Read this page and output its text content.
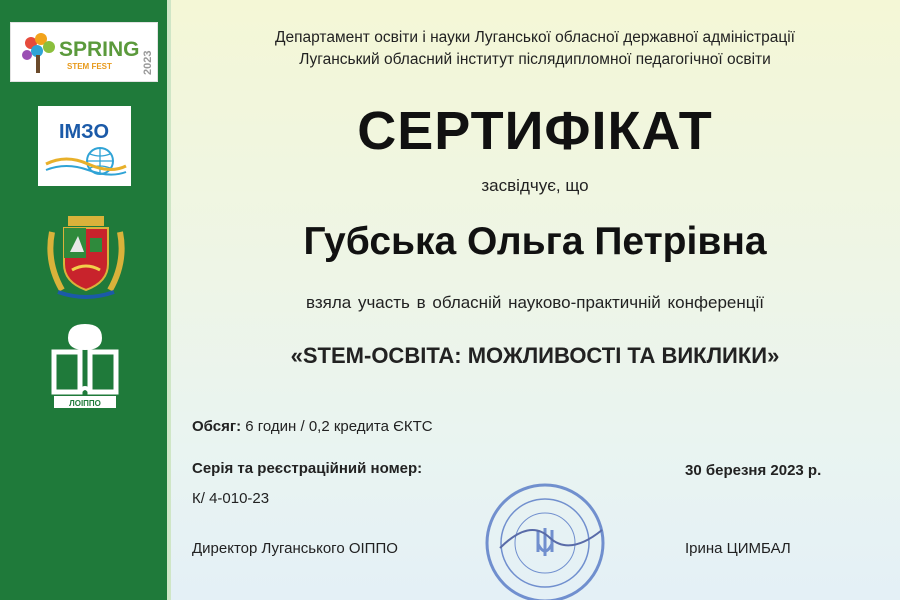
SPRING
STEM FEST	2023
ІМЗО
ЛОІППО
Департамент освіти і науки Луганської обласної державної адміністрації
Луганський обласний інститут післядипломної педагогічної освіти
СЕРТИФІКАТ
засвідчує, що
Губська Ольга Петрівна
взяла участь в обласній науково-практичній конференції
«STEM-ОСВІТА: МОЖЛИВОСТІ ТА ВИКЛИКИ»
Обсяг: 6 годин / 0,2 кредита ЄКТС
Серія та реєстраційний номер:
К/ 4-010-23
30 березня 2023 р.
Директор Луганського ОІППО	Ірина ЦИМБАЛ
